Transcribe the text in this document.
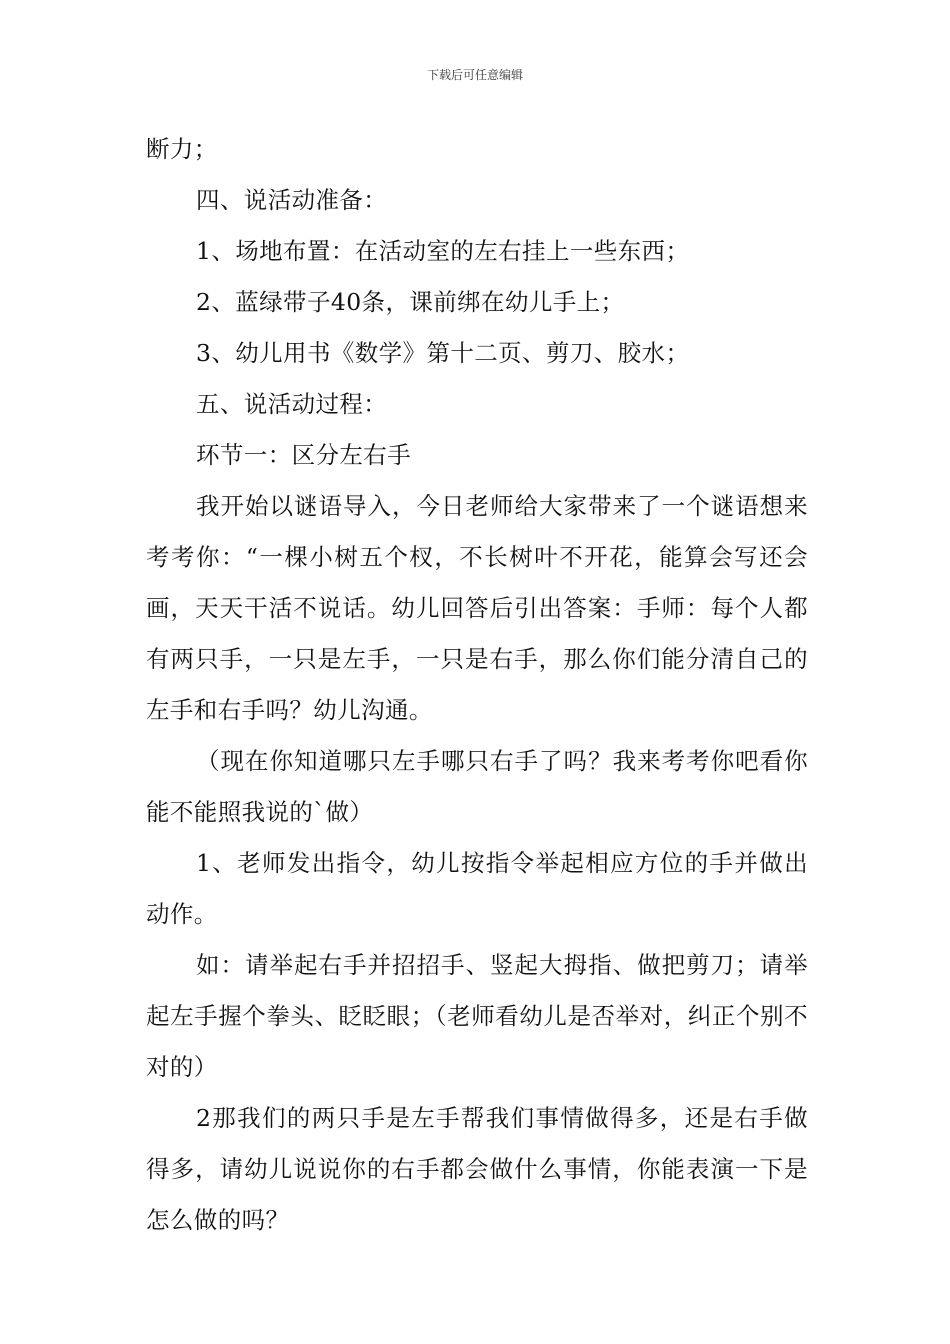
下载后可任意编辑

断力；

四、说活动准备：

1、场地布置：在活动室的左右挂上一些东西；

2、蓝绿带子40条，课前绑在幼儿手上；

3、幼儿用书《数学》第十二页、剪刀、胶水；

五、说活动过程：

环节一：区分左右手

我开始以谜语导入，今日老师给大家带来了一个谜语想来考考你：“一棵小树五个杈，不长树叶不开花，能算会写还会画，天天干活不说话。幼儿回答后引出答案：手师：每个人都有两只手，一只是左手，一只是右手，那么你们能分清自己的左手和右手吗？幼儿沟通。

（现在你知道哪只左手哪只右手了吗？我来考考你吧看你能不能照我说的`做）

1、老师发出指令，幼儿按指令举起相应方位的手并做出动作。

如：请举起右手并招招手、竖起大拇指、做把剪刀；请举起左手握个拳头、眨眨眼；（老师看幼儿是否举对，纠正个别不对的）

2那我们的两只手是左手帮我们事情做得多，还是右手做得多，请幼儿说说你的右手都会做什么事情，你能表演一下是怎么做的吗？
